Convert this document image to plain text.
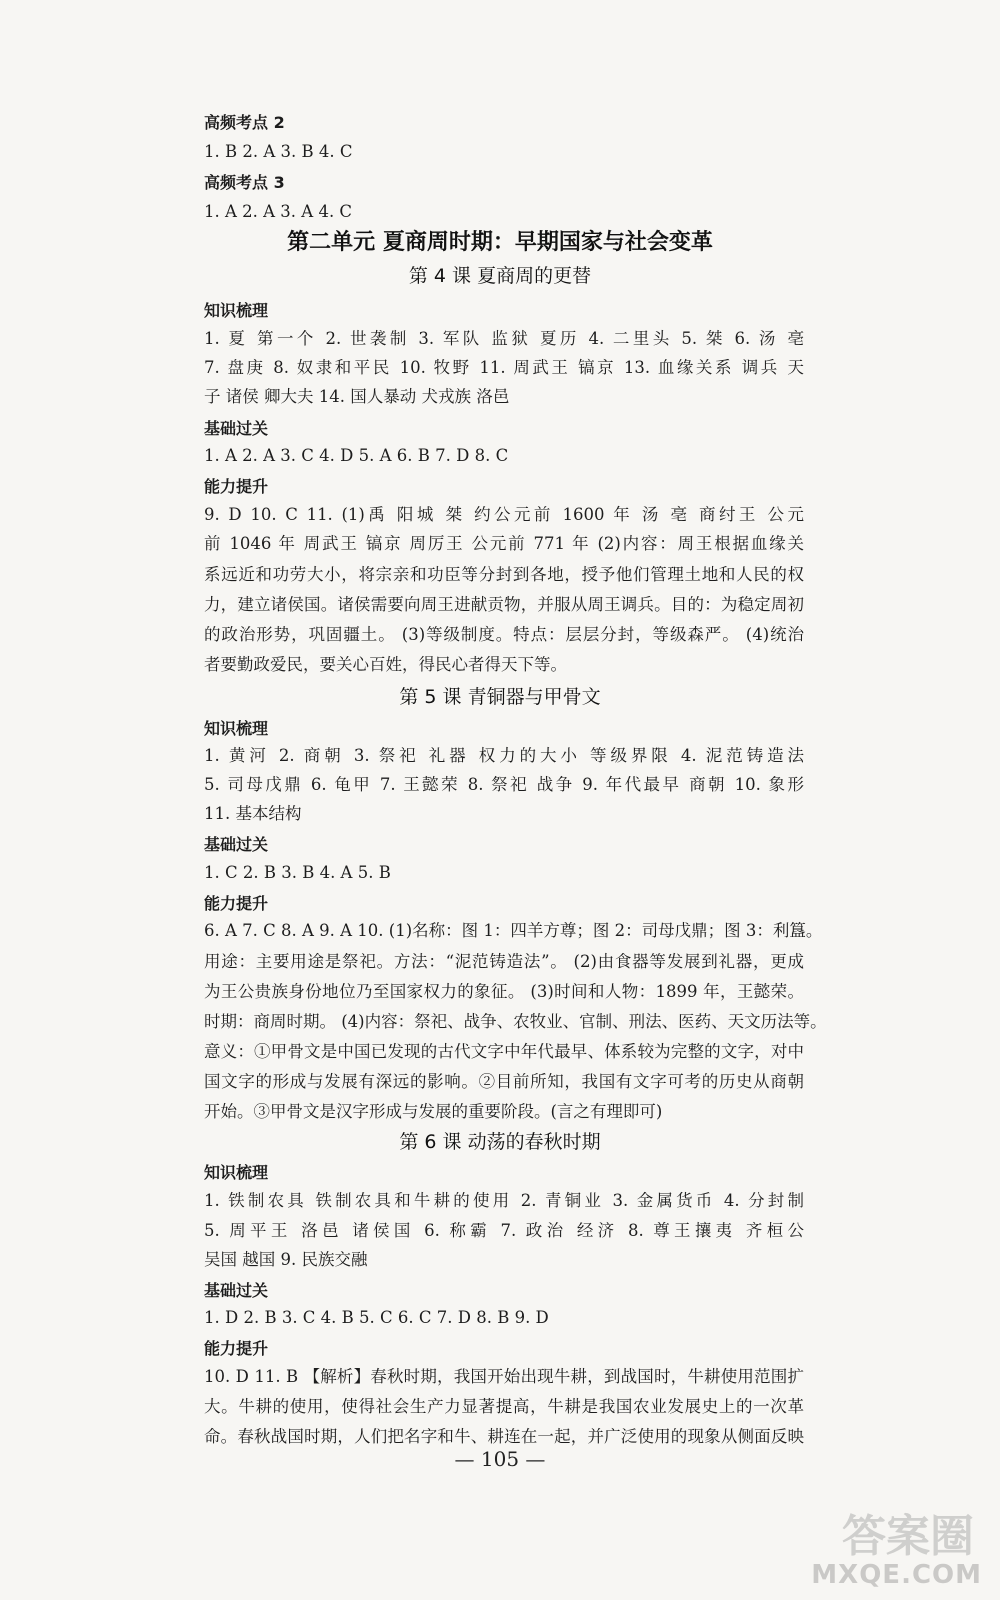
高频考点 2
1. B 2. A 3. B 4. C
高频考点 3
1. A 2. A 3. A 4. C
第二单元 夏商周时期：早期国家与社会变革
第 4 课 夏商周的更替
知识梳理
1. 夏 第一个 2. 世袭制 3. 军队 监狱 夏历 4. 二里头 5. 桀 6. 汤 亳
7. 盘庚 8. 奴隶和平民 10. 牧野 11. 周武王 镐京 13. 血缘关系 调兵 天
子 诸侯 卿大夫 14. 国人暴动 犬戎族 洛邑
基础过关
1. A 2. A 3. C 4. D 5. A 6. B 7. D 8. C
能力提升
9. D 10. C 11. (1)禹 阳城 桀 约公元前 1600 年 汤 亳 商纣王 公元
前 1046 年 周武王 镐京 周厉王 公元前 771 年 (2)内容：周王根据血缘关
系远近和功劳大小，将宗亲和功臣等分封到各地，授予他们管理土地和人民的权
力，建立诸侯国。诸侯需要向周王进献贡物，并服从周王调兵。目的：为稳定周初
的政治形势，巩固疆土。 (3)等级制度。特点：层层分封，等级森严。 (4)统治
者要勤政爱民，要关心百姓，得民心者得天下等。
第 5 课 青铜器与甲骨文
知识梳理
1. 黄河 2. 商朝 3. 祭祀 礼器 权力的大小 等级界限 4. 泥范铸造法
5. 司母戊鼎 6. 龟甲 7. 王懿荣 8. 祭祀 战争 9. 年代最早 商朝 10. 象形
11. 基本结构
基础过关
1. C 2. B 3. B 4. A 5. B
能力提升
6. A 7. C 8. A 9. A 10. (1)名称：图 1：四羊方尊；图 2：司母戊鼎；图 3：利簋。
用途：主要用途是祭祀。方法：“泥范铸造法”。 (2)由食器等发展到礼器，更成
为王公贵族身份地位乃至国家权力的象征。 (3)时间和人物：1899 年，王懿荣。
时期：商周时期。 (4)内容：祭祀、战争、农牧业、官制、刑法、医药、天文历法等。
意义：①甲骨文是中国已发现的古代文字中年代最早、体系较为完整的文字，对中
国文字的形成与发展有深远的影响。②目前所知，我国有文字可考的历史从商朝
开始。③甲骨文是汉字形成与发展的重要阶段。(言之有理即可)
第 6 课 动荡的春秋时期
知识梳理
1. 铁制农具 铁制农具和牛耕的使用 2. 青铜业 3. 金属货币 4. 分封制
5. 周平王 洛邑 诸侯国 6. 称霸 7. 政治 经济 8. 尊王攘夷 齐桓公
吴国 越国 9. 民族交融
基础过关
1. D 2. B 3. C 4. B 5. C 6. C 7. D 8. B 9. D
能力提升
10. D 11. B 【解析】春秋时期，我国开始出现牛耕，到战国时，牛耕使用范围扩
大。牛耕的使用，使得社会生产力显著提高，牛耕是我国农业发展史上的一次革
命。春秋战国时期，人们把名字和牛、耕连在一起，并广泛使用的现象从侧面反映
— 105 —
答案圈
MXQE.COM
